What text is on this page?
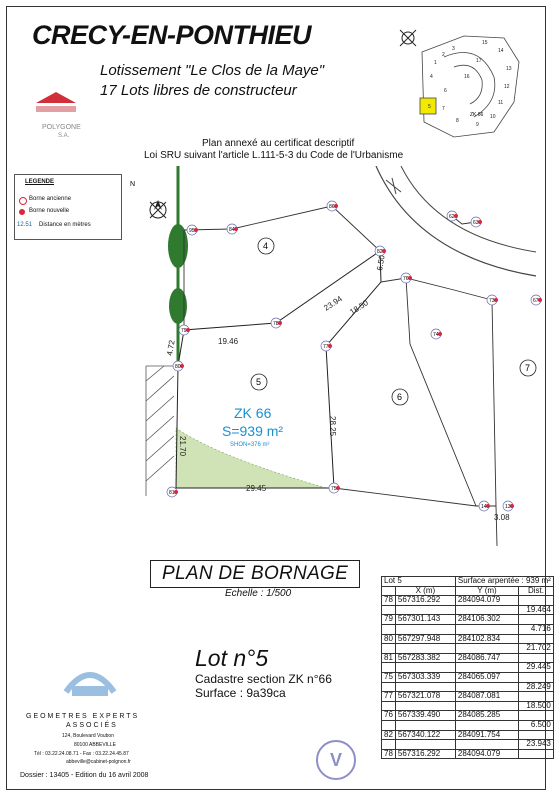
CRECY-EN-PONTHIEU
Lotissement "Le Clos de la Maye"
17 Lots libres de constructeur
POLYGONE
S.A.
Plan annexé au certificat descriptif
Loi SRU suivant l'article L.111-5-3 du Code de l'Urbanisme
1
2
3
4
5
6
7
8
9
10
11
12
13
14
15
16
17
ZK 66
N
95	84
86
62
63
82
76
73	67
79
78
77
74
80
75
81
14	13
4.72	19.46
23.94
6.50
18.50
21.70
28.25
29.45
3.08
4
5
6
7
ZK 66
S=939 m²
SHON=376 m²
LEGENDE
Borne ancienne
Borne nouvelle
12.51 Distance en mètres
PLAN DE BORNAGE
Echelle : 1/500
Lot n°5
Cadastre section ZK n°66
Surface : 9a39ca
Lot 5		Surface arpentée : 939 m²	
	X (m)	Y (m)	Dist.
78	567316.292	284094.079	
			19.464
79	567301.143	284106.302	
			4.716
80	567297.948	284102.834	
			21.702
81	567283.382	284086.747	
			29.445
75	567303.339	284065.097	
			28.249
77	567321.078	284087.081	
			18.500
76	567339.490	284085.285	
			6.500
82	567340.122	284091.754	
			23.943
78	567316.292	284094.079	
GEOMETRES EXPERTS
ASSOCIÉS
124, Boulevard Voubon
80100 ABBEVILLE
Tél : 03.22.24.08.71 - Fax : 03.22.24.45.87
abbeville@cabinet-polgnon.fr
Dossier : 13405 - Edition du 16 avril 2008
V
